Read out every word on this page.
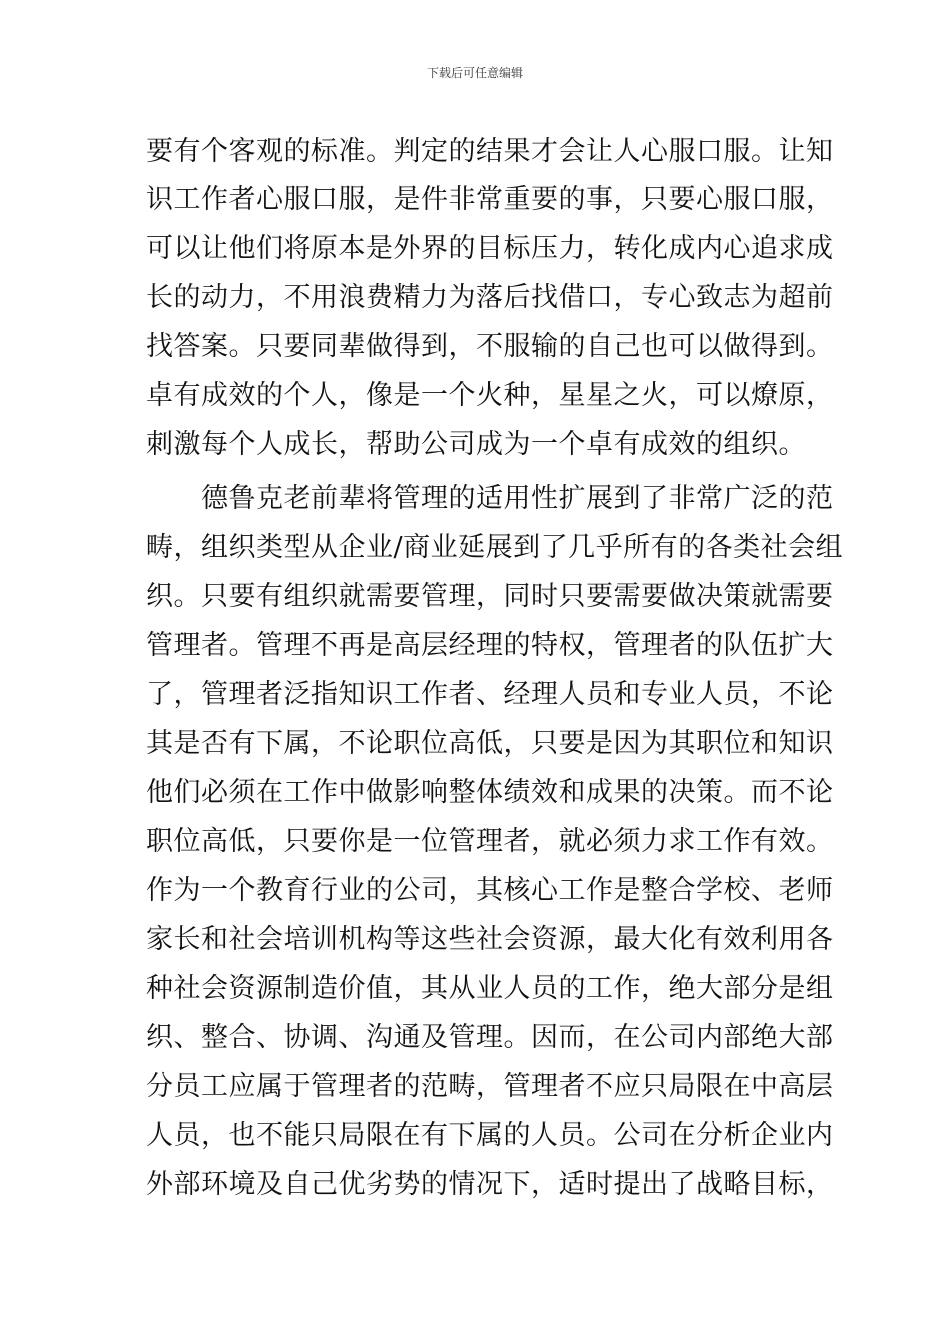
下载后可任意编辑
要有个客观的标准。判定的结果才会让人心服口服。让知
识工作者心服口服，是件非常重要的事，只要心服口服，
可以让他们将原本是外界的目标压力，转化成内心追求成
长的动力，不用浪费精力为落后找借口，专心致志为超前
找答案。只要同辈做得到，不服输的自己也可以做得到。
卓有成效的个人，像是一个火种，星星之火，可以燎原，
刺激每个人成长，帮助公司成为一个卓有成效的组织。
德鲁克老前辈将管理的适用性扩展到了非常广泛的范
畴，组织类型从企业/商业延展到了几乎所有的各类社会组
织。只要有组织就需要管理，同时只要需要做决策就需要
管理者。管理不再是高层经理的特权，管理者的队伍扩大
了，管理者泛指知识工作者、经理人员和专业人员，不论
其是否有下属，不论职位高低，只要是因为其职位和知识
他们必须在工作中做影响整体绩效和成果的决策。而不论
职位高低，只要你是一位管理者，就必须力求工作有效。
作为一个教育行业的公司，其核心工作是整合学校、老师
家长和社会培训机构等这些社会资源，最大化有效利用各
种社会资源制造价值，其从业人员的工作，绝大部分是组
织、整合、协调、沟通及管理。因而，在公司内部绝大部
分员工应属于管理者的范畴，管理者不应只局限在中高层
人员，也不能只局限在有下属的人员。公司在分析企业内
外部环境及自己优劣势的情况下，适时提出了战略目标，
